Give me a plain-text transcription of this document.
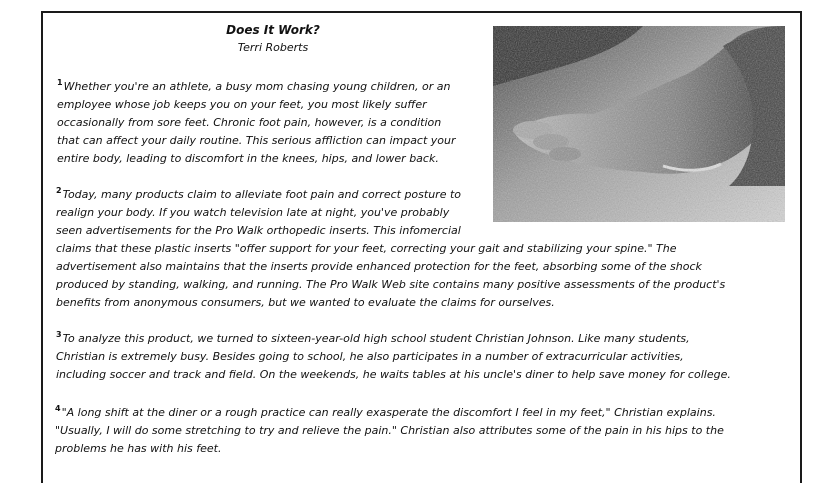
Does It Work?
Terri Roberts

$^1$Whether you're an athlete, a busy mom chasing young children, or an
employee whose job keeps you on your feet, you most likely suffer
occasionally from sore feet. Chronic foot pain, however, is a condition
that can affect your daily routine. This serious affliction can impact your
entire body, leading to discomfort in the knees, hips, and lower back.

$^2$Today, many products claim to alleviate foot pain and correct posture to
realign your body. If you watch television late at night, you've probably
seen advertisements for the Pro Walk orthopedic inserts. This infomercial
claims that these plastic inserts "offer support for your feet, correcting your gait and stabilizing your spine." The
advertisement also maintains that the inserts provide enhanced protection for the feet, absorbing some of the shock
produced by standing, walking, and running. The Pro Walk Web site contains many positive assessments of the product's
benefits from anonymous consumers, but we wanted to evaluate the claims for ourselves.

$^3$To analyze this product, we turned to sixteen-year-old high school student Christian Johnson. Like many students,
Christian is extremely busy. Besides going to school, he also participates in a number of extracurricular activities,
including soccer and track and field. On the weekends, he waits tables at his uncle's diner to help save money for college.

$^4$"A long shift at the diner or a rough practice can really exasperate the discomfort I feel in my feet," Christian explains.
"Usually, I will do some stretching to try and relieve the pain." Christian also attributes some of the pain in his hips to the
problems he has with his feet.
